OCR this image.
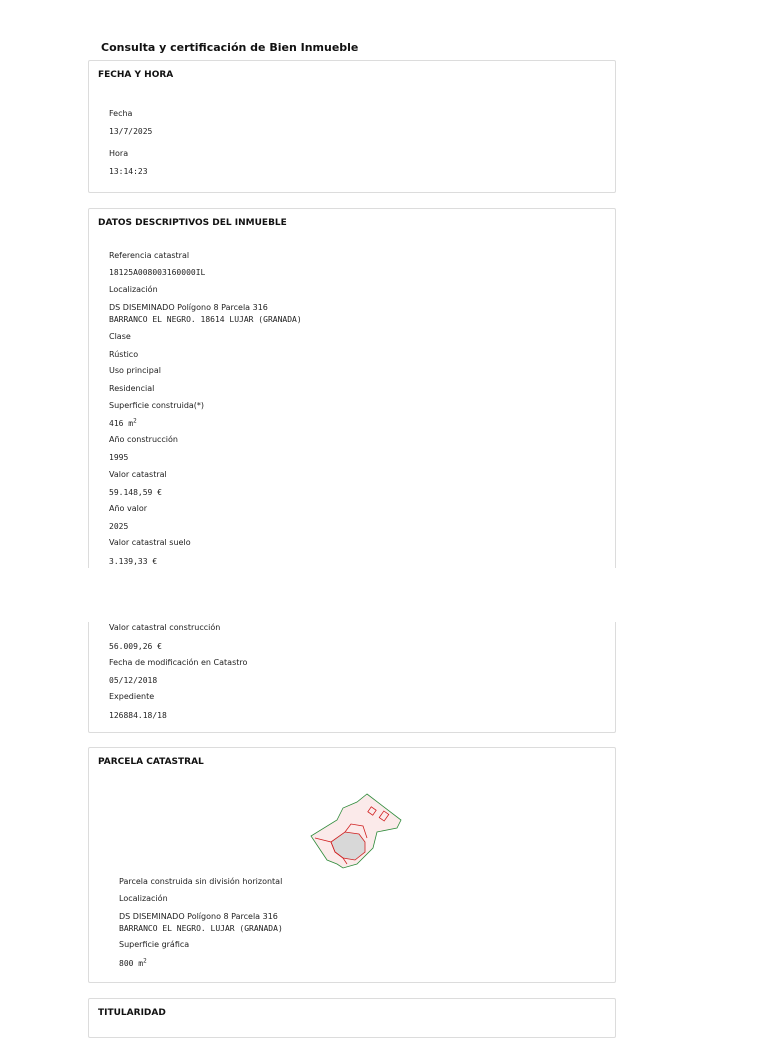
Consulta y certificación de Bien Inmueble
FECHA Y HORA
Fecha
13/7/2025
Hora
13:14:23
DATOS DESCRIPTIVOS DEL INMUEBLE
Referencia catastral
18125A008003160000IL
Localización
DS DISEMINADO Polígono 8 Parcela 316
BARRANCO EL NEGRO. 18614 LUJAR (GRANADA)
Clase
Rústico
Uso principal
Residencial
Superficie construida(*)
416 $m^2$
Año construcción
1995
Valor catastral
59.148,59 €
Año valor
2025
Valor catastral suelo
3.139,33 €
Valor catastral construcción
56.009,26 €
Fecha de modificación en Catastro
05/12/2018
Expediente
126884.18/18
PARCELA CATASTRAL
Parcela construida sin división horizontal
Localización
DS DISEMINADO Polígono 8 Parcela 316
BARRANCO EL NEGRO. LUJAR (GRANADA)
Superficie gráfica
800 $m^2$
TITULARIDAD
